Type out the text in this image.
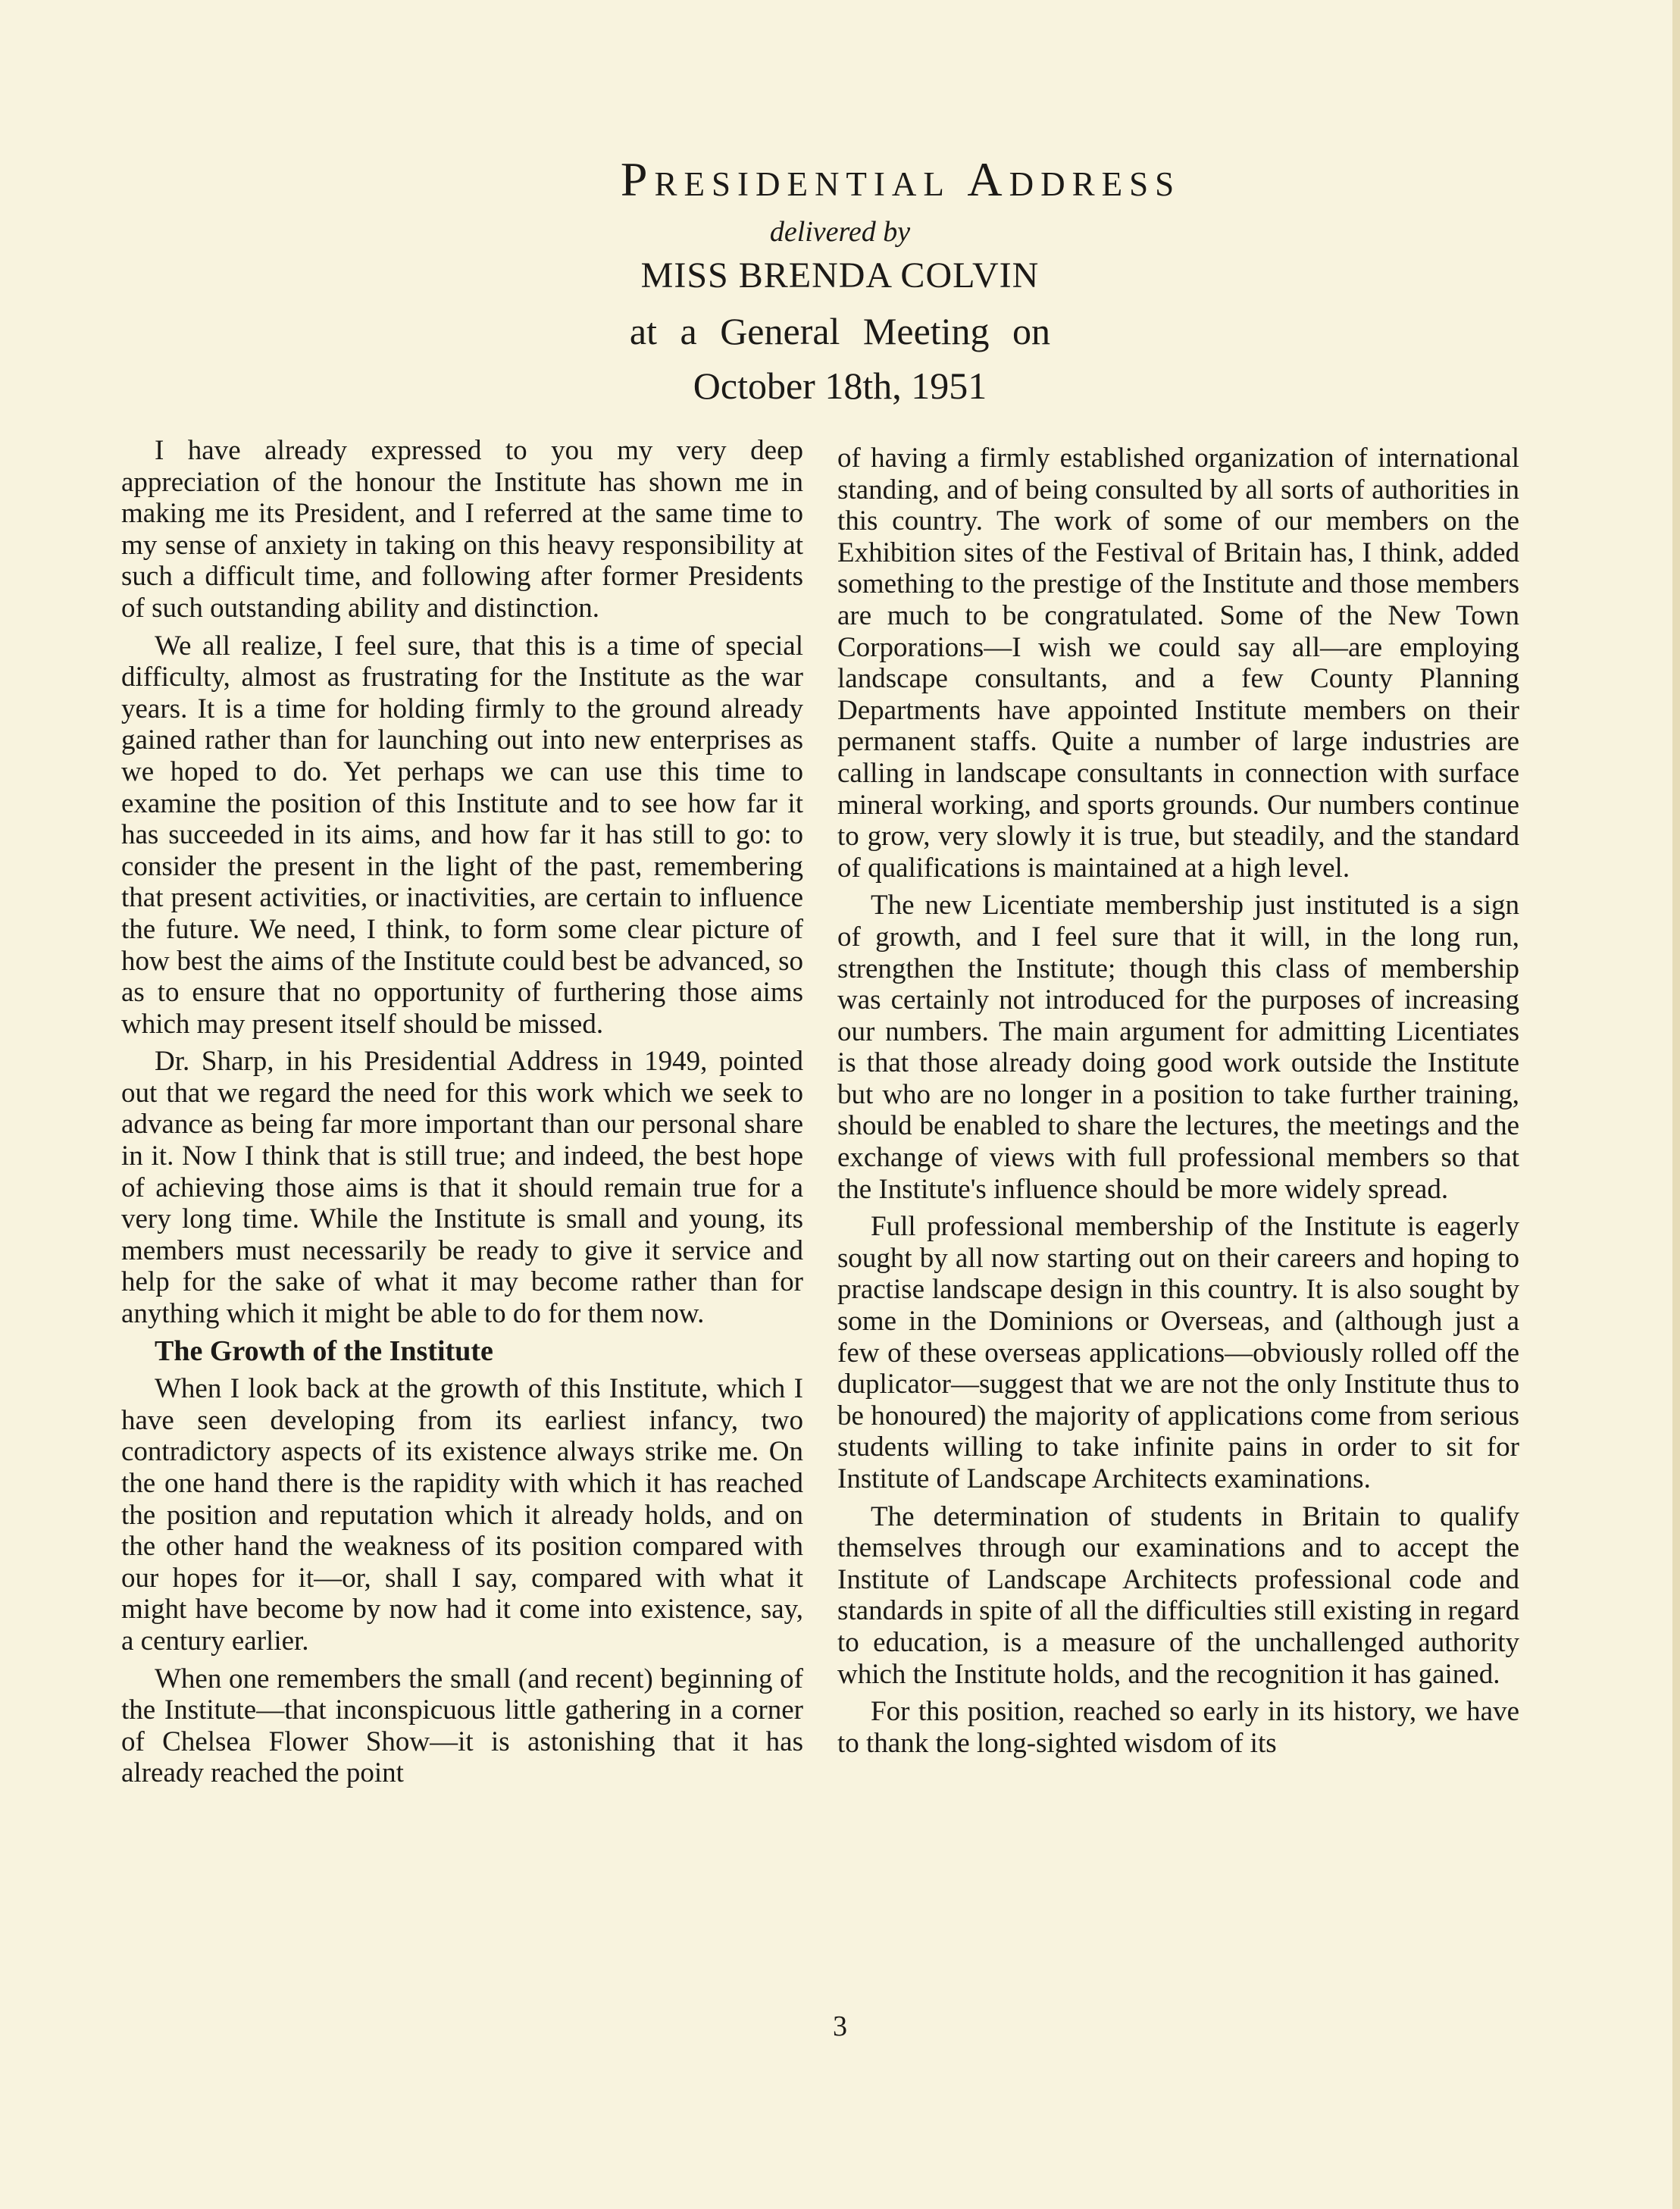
Presidential Address
delivered by
MISS BRENDA COLVIN
at a General Meeting on
October 18th, 1951

I have already expressed to you my very deep appreciation of the honour the Institute has shown me in making me its President, and I referred at the same time to my sense of anxiety in taking on this heavy responsibility at such a difficult time, and following after former Presidents of such outstanding ability and distinction.

We all realize, I feel sure, that this is a time of special difficulty, almost as frustrating for the Institute as the war years. It is a time for holding firmly to the ground already gained rather than for launching out into new enterprises as we hoped to do. Yet perhaps we can use this time to examine the position of this Institute and to see how far it has succeeded in its aims, and how far it has still to go: to consider the present in the light of the past, remembering that present activities, or inactivities, are certain to influence the future. We need, I think, to form some clear picture of how best the aims of the Institute could best be advanced, so as to ensure that no opportunity of furthering those aims which may present itself should be missed.

Dr. Sharp, in his Presidential Address in 1949, pointed out that we regard the need for this work which we seek to advance as being far more important than our personal share in it. Now I think that is still true; and indeed, the best hope of achieving those aims is that it should remain true for a very long time. While the Institute is small and young, its members must necessarily be ready to give it service and help for the sake of what it may become rather than for anything which it might be able to do for them now.

The Growth of the Institute

When I look back at the growth of this Institute, which I have seen developing from its earliest infancy, two contradictory aspects of its existence always strike me. On the one hand there is the rapidity with which it has reached the position and reputation which it already holds, and on the other hand the weakness of its position compared with our hopes for it—or, shall I say, compared with what it might have become by now had it come into existence, say, a century earlier.

When one remembers the small (and recent) beginning of the Institute—that inconspicuous little gathering in a corner of Chelsea Flower Show—it is astonishing that it has already reached the point

of having a firmly established organization of international standing, and of being consulted by all sorts of authorities in this country. The work of some of our members on the Exhibition sites of the Festival of Britain has, I think, added something to the prestige of the Institute and those members are much to be congratulated. Some of the New Town Corporations—I wish we could say all—are employing landscape consultants, and a few County Planning Departments have appointed Institute members on their permanent staffs. Quite a number of large industries are calling in landscape consultants in connection with surface mineral working, and sports grounds. Our numbers continue to grow, very slowly it is true, but steadily, and the standard of qualifications is maintained at a high level.

The new Licentiate membership just instituted is a sign of growth, and I feel sure that it will, in the long run, strengthen the Institute; though this class of membership was certainly not introduced for the purposes of increasing our numbers. The main argument for admitting Licentiates is that those already doing good work outside the Institute but who are no longer in a position to take further training, should be enabled to share the lectures, the meetings and the exchange of views with full professional members so that the Institute's influence should be more widely spread.

Full professional membership of the Institute is eagerly sought by all now starting out on their careers and hoping to practise landscape design in this country. It is also sought by some in the Dominions or Overseas, and (although just a few of these overseas applications—obviously rolled off the duplicator—suggest that we are not the only Institute thus to be honoured) the majority of applications come from serious students willing to take infinite pains in order to sit for Institute of Landscape Architects examinations.

The determination of students in Britain to qualify themselves through our examinations and to accept the Institute of Landscape Architects professional code and standards in spite of all the difficulties still existing in regard to education, is a measure of the unchallenged authority which the Institute holds, and the recognition it has gained.

For this position, reached so early in its history, we have to thank the long-sighted wisdom of its

3
